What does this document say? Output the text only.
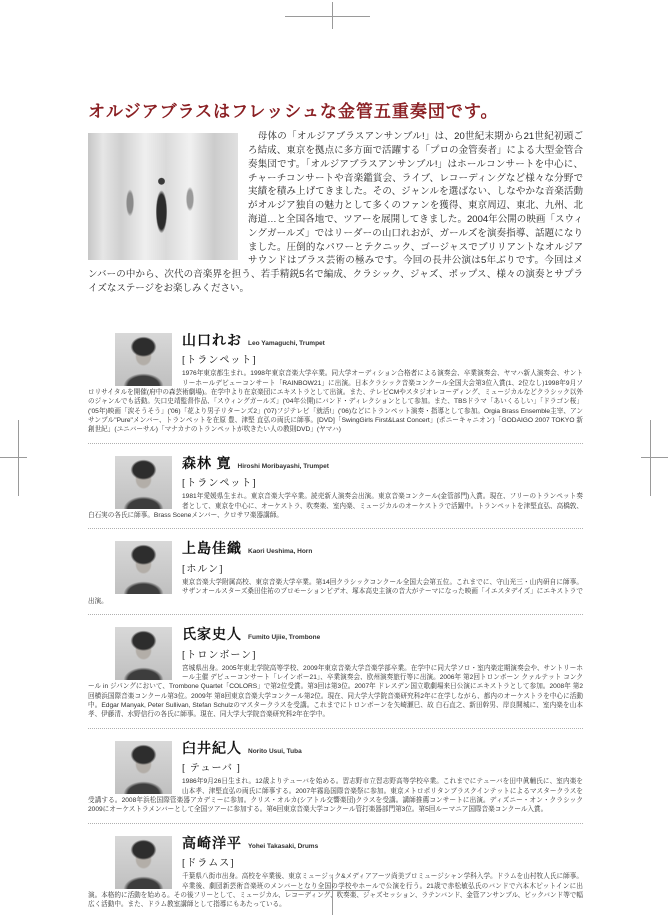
オルジアブラスはフレッシュな金管五重奏団です。

　母体の「オルジアブラスアンサンブル!」は、20世紀末期から21世紀初頭ごろ結成、東京を拠点に多方面で活躍する「プロの金管奏者」による大型金管合奏集団です。「オルジアブラスアンサンブル!」はホールコンサートを中心に、チャーチコンサートや音楽鑑賞会、ライブ、レコーディングなど様々な分野で実績を積み上げてきました。その、ジャンルを選ばない、しなやかな音楽活動がオルジア独自の魅力として多くのファンを獲得、東京周辺、東北、九州、北海道…と全国各地で、ツアーを展開してきました。2004年公開の映画「スウィングガールズ」ではリーダーの山口れおが、ガールズを演奏指導、話題になりました。圧倒的なパワーとテクニック、ゴージャスでブリリアントなオルジアサウンドはブラス芸術の極みです。今回の長井公演は5年ぶりです。今回はメンバーの中から、次代の音楽界を担う、若手精鋭5名で編成、クラシック、ジャズ、ポップス、様々の演奏とサプライズなステージをお楽しみください。

山口れお Leo Yamaguchi, Trumpet
[トランペット]

1976年東京都生まれ。1998年東京音楽大学卒業。同大学オーディション合格者による演奏会、卒業演奏会、ヤマハ新人演奏会、サントリーホールデビューコンサート「RAINBOW21」に出演。日本クラシック音楽コンクール全国大会第3位入賞(1、2位なし)1998年9月ソロリサイタルを開催(府中の森芸術劇場)。在学中より在京楽団にエキストラとして出演。また、テレビCMやスタジオレコーディング、ミュージカルなどクラシック以外のジャンルでも活動。矢口史靖監督作品、「スウィングガールズ」('04年公開)にバンド・ディレクションとして参加。また、TBSドラマ「あいくるしい」「ドラゴン桜」('05年)映画「涙そうそう」('06)「花より男子リターンズ2」('07)フジテレビ「就活!」('06)などにトランペット演奏・指導として参加。Orgia Brass Ensemble主宰、アンサンブル"Pure"メンバー、トランペットを在原 豊、津堅 直弘の両氏に師事。[DVD]「SwingGirls First&Last Concert」(ポニーキャニオン)「GODAIGO 2007 TOKYO 新創世紀」(ユニバーサル)「マナカナのトランペットが吹きたい人の教則DVD」(ヤマハ)

森林 寛 Hiroshi Moribayashi, Trumpet
[トランペット]

1981年愛媛県生まれ。東京音楽大学卒業。読売新人演奏会出演。東京音楽コンクール(金管部門)入賞。現在、フリーのトランペット奏者として、東京を中心に、オーケストラ、吹奏楽、室内楽、ミュージカルのオーケストラで活躍中。トランペットを津堅直弘、高橋敦、白石実の各氏に師事。Brass Sceneメンバー、クロサワ楽器講師。

上島佳織 Kaori Ueshima, Horn
[ホルン]

東京音楽大学附属高校、東京音楽大学卒業。第14回クラシックコンクール全国大会第五位。これまでに、守山光三・山内研自に師事。サザンオールスターズ桑田佳祐のプロモーションビデオ、塚本高史主演の音大がテーマになった映画「イエスタデイズ」にエキストラで出演。

氏家史人 Fumito Ujiie, Trombone
[トロンボーン]

宮城県出身。2005年東北学院高等学校、2009年東京音楽大学音楽学部卒業。在学中に同大学ソロ・室内楽定期演奏会や、サントリーホール主催 デビューコンサート「レインボー21」、卒業演奏会、欧州演奏旅行等に出演。2006年 第2回トロンボーン クァルテット コンクール in ジパングにおいて、Trombone Quartet「COLORS」で第2位受賞。第3回は第3位。2007年 ドレスデン国立歌劇場来日公演にエキストラとして参加。2008年 第2回横浜国際音楽コンクール第3位。2009年 第8回東京音楽大学コンクール第2位。現在、同大学大学院音楽研究科2年に在学しながら、都内のオーケストラを中心に活動中。Edgar Manyak, Peter Sullivan, Stefan Schulzのマスタークラスを受講。これまでにトロンボーンを矢崎瀬巳、故 白石直之、新田幹男、岸良開城に、室内楽を山本孝、伊藤清、水野信行の各氏に師事。現在、同大学大学院音楽研究科2年在学中。

臼井紀人 Norito Usui, Tuba
[ テューバ ]

1986年9月26日生まれ。12歳よりテューバを始める。習志野市立習志野高等学校卒業。これまでにテューバを田中眞輔氏に、室内楽を山本孝、津堅直弘の両氏に師事する。2007年霧島国際音楽祭に参加。東京メトロポリタンブラスクインテットによるマスタークラスを受講する。2008年浜松国際管楽器アカデミーに参加。クリス・オルカ(シアトル交響楽団)クラスを受講。講師推薦コンサートに出演。ディズニー・オン・クラシック2009にオーケストラメンバーとして全国ツアーに参加する。第6回東京音楽大学コンクール管打楽器部門第3位。第5回ルーマニア国際音楽コンクール入賞。

高崎洋平 Yohei Takasaki, Drums
[ドラムス]

千葉県八街市出身。高校を卒業後、東京ミュージック&メディアアーツ尚美プロミュージシャン学科入学。ドラムを山村牧人氏に師事。卒業後、劇団新芸術音楽班のメンバーとなり全国の学校やホールで公演を行う。21歳で赤松敏弘氏のバンドで六本木ピットインに出演。本格的に活動を始める。その後フリーとして、ミュージカル、レコーディング、吹奏楽、ジャズセッション、ラテンバンド、金管アンサンブル、ビックバンド等で幅広く活動中。また、ドラム教室講師として指導にもあたっている。
